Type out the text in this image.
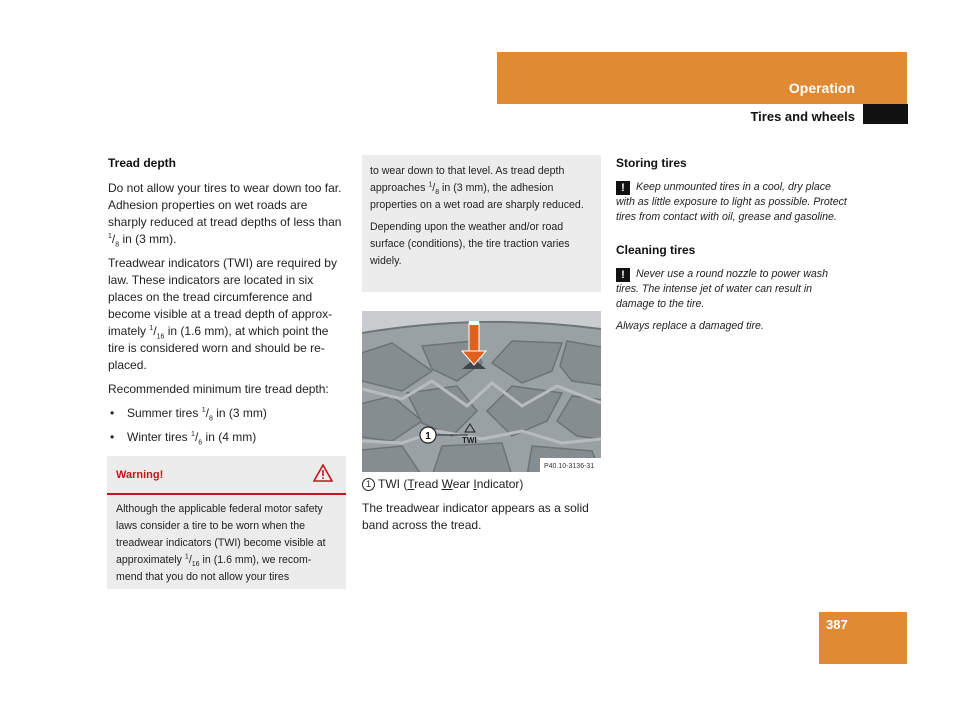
Operation
Tires and wheels
Tread depth

Do not allow your tires to wear down too far. Adhesion properties on wet roads are sharply reduced at tread depths of less than $^1/_8$ in (3 mm).

Treadwear indicators (TWI) are required by law. These indicators are located in six places on the tread circumference and become visible at a tread depth of approx-imately $^1/_{16}$ in (1.6 mm), at which point the tire is considered worn and should be re-placed.

Recommended minimum tire tread depth:

• Summer tires $^1/_8$ in (3 mm)
• Winter tires $^1/_6$ in (4 mm)
Warning!
Although the applicable federal motor safety laws consider a tire to be worn when the treadwear indicators (TWI) become visible at approximately $^1/_{16}$ in (1.6 mm), we recom-mend that you do not allow your tires

to wear down to that level. As tread depth approaches $^1/_8$ in (3 mm), the adhesion properties on a wet road are sharply reduced.

Depending upon the weather and/or road surface (conditions), the tire traction varies widely.

1	TWI
P40.10-3136-31

1 TWI (Tread Wear Indicator)

The treadwear indicator appears as a solid band across the tread.

Storing tires

! Keep unmounted tires in a cool, dry place with as little exposure to light as possible. Protect tires from contact with oil, grease and gasoline.

Cleaning tires

! Never use a round nozzle to power wash tires. The intense jet of water can result in damage to the tire.

Always replace a damaged tire.

387
